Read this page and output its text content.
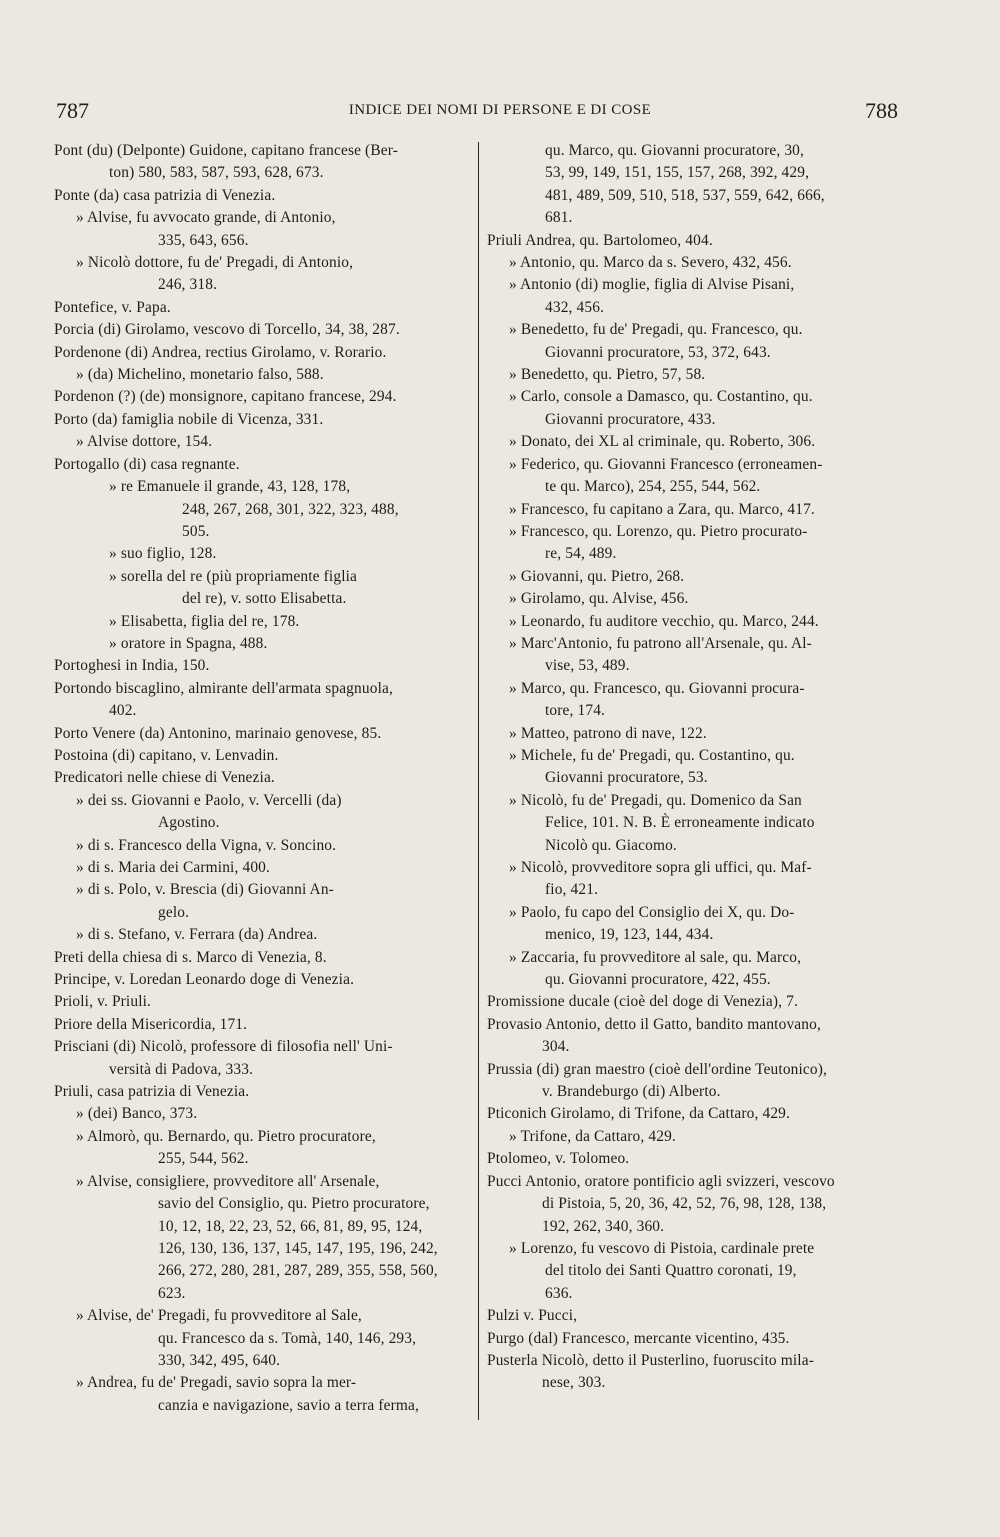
787	INDICE DEI NOMI DI PERSONE E DI COSE	788
Pont (du) (Delponte) Guidone, capitano francese (Ber-
ton) 580, 583, 587, 593, 628, 673.
Ponte (da) casa patrizia di Venezia.
» Alvise, fu avvocato grande, di Antonio,
335, 643, 656.
» Nicolò dottore, fu de' Pregadi, di Antonio,
246, 318.
Pontefice, v. Papa.
Porcia (di) Girolamo, vescovo di Torcello, 34, 38, 287.
Pordenone (di) Andrea, rectius Girolamo, v. Rorario.
» (da) Michelino, monetario falso, 588.
Pordenon (?) (de) monsignore, capitano francese, 294.
Porto (da) famiglia nobile di Vicenza, 331.
» Alvise dottore, 154.
Portogallo (di) casa regnante.
» re Emanuele il grande, 43, 128, 178,
248, 267, 268, 301, 322, 323, 488,
505.
» suo figlio, 128.
» sorella del re (più propriamente figlia
del re), v. sotto Elisabetta.
» Elisabetta, figlia del re, 178.
» oratore in Spagna, 488.
Portoghesi in India, 150.
Portondo biscaglino, almirante dell'armata spagnuola,
402.
Porto Venere (da) Antonino, marinaio genovese, 85.
Postoina (di) capitano, v. Lenvadin.
Predicatori nelle chiese di Venezia.
» dei ss. Giovanni e Paolo, v. Vercelli (da)
Agostino.
» di s. Francesco della Vigna, v. Soncino.
» di s. Maria dei Carmini, 400.
» di s. Polo, v. Brescia (di) Giovanni An-
gelo.
» di s. Stefano, v. Ferrara (da) Andrea.
Preti della chiesa di s. Marco di Venezia, 8.
Principe, v. Loredan Leonardo doge di Venezia.
Prioli, v. Priuli.
Priore della Misericordia, 171.
Prisciani (di) Nicolò, professore di filosofia nell' Uni-
versità di Padova, 333.
Priuli, casa patrizia di Venezia.
» (dei) Banco, 373.
» Almorò, qu. Bernardo, qu. Pietro procuratore,
255, 544, 562.
» Alvise, consigliere, provveditore all' Arsenale,
savio del Consiglio, qu. Pietro procuratore,
10, 12, 18, 22, 23, 52, 66, 81, 89, 95, 124,
126, 130, 136, 137, 145, 147, 195, 196, 242,
266, 272, 280, 281, 287, 289, 355, 558, 560,
623.
» Alvise, de' Pregadi, fu provveditore al Sale,
qu. Francesco da s. Tomà, 140, 146, 293,
330, 342, 495, 640.
» Andrea, fu de' Pregadi, savio sopra la mer-
canzia e navigazione, savio a terra ferma,
qu. Marco, qu. Giovanni procuratore, 30,
53, 99, 149, 151, 155, 157, 268, 392, 429,
481, 489, 509, 510, 518, 537, 559, 642, 666,
681.
Priuli Andrea, qu. Bartolomeo, 404.
» Antonio, qu. Marco da s. Severo, 432, 456.
» Antonio (di) moglie, figlia di Alvise Pisani,
432, 456.
» Benedetto, fu de' Pregadi, qu. Francesco, qu.
Giovanni procuratore, 53, 372, 643.
» Benedetto, qu. Pietro, 57, 58.
» Carlo, console a Damasco, qu. Costantino, qu.
Giovanni procuratore, 433.
» Donato, dei XL al criminale, qu. Roberto, 306.
» Federico, qu. Giovanni Francesco (erroneamen-
te qu. Marco), 254, 255, 544, 562.
» Francesco, fu capitano a Zara, qu. Marco, 417.
» Francesco, qu. Lorenzo, qu. Pietro procurato-
re, 54, 489.
» Giovanni, qu. Pietro, 268.
» Girolamo, qu. Alvise, 456.
» Leonardo, fu auditore vecchio, qu. Marco, 244.
» Marc'Antonio, fu patrono all'Arsenale, qu. Al-
vise, 53, 489.
» Marco, qu. Francesco, qu. Giovanni procura-
tore, 174.
» Matteo, patrono di nave, 122.
» Michele, fu de' Pregadi, qu. Costantino, qu.
Giovanni procuratore, 53.
» Nicolò, fu de' Pregadi, qu. Domenico da San
Felice, 101. N. B. È erroneamente indicato
Nicolò qu. Giacomo.
» Nicolò, provveditore sopra gli uffici, qu. Maf-
fio, 421.
» Paolo, fu capo del Consiglio dei X, qu. Do-
menico, 19, 123, 144, 434.
» Zaccaria, fu provveditore al sale, qu. Marco,
qu. Giovanni procuratore, 422, 455.
Promissione ducale (cioè del doge di Venezia), 7.
Provasio Antonio, detto il Gatto, bandito mantovano,
304.
Prussia (di) gran maestro (cioè dell'ordine Teutonico),
v. Brandeburgo (di) Alberto.
Pticonich Girolamo, di Trifone, da Cattaro, 429.
» Trifone, da Cattaro, 429.
Ptolomeo, v. Tolomeo.
Pucci Antonio, oratore pontificio agli svizzeri, vescovo
di Pistoia, 5, 20, 36, 42, 52, 76, 98, 128, 138,
192, 262, 340, 360.
» Lorenzo, fu vescovo di Pistoia, cardinale prete
del titolo dei Santi Quattro coronati, 19,
636.
Pulzi v. Pucci,
Purgo (dal) Francesco, mercante vicentino, 435.
Pusterla Nicolò, detto il Pusterlino, fuoruscito mila-
nese, 303.
